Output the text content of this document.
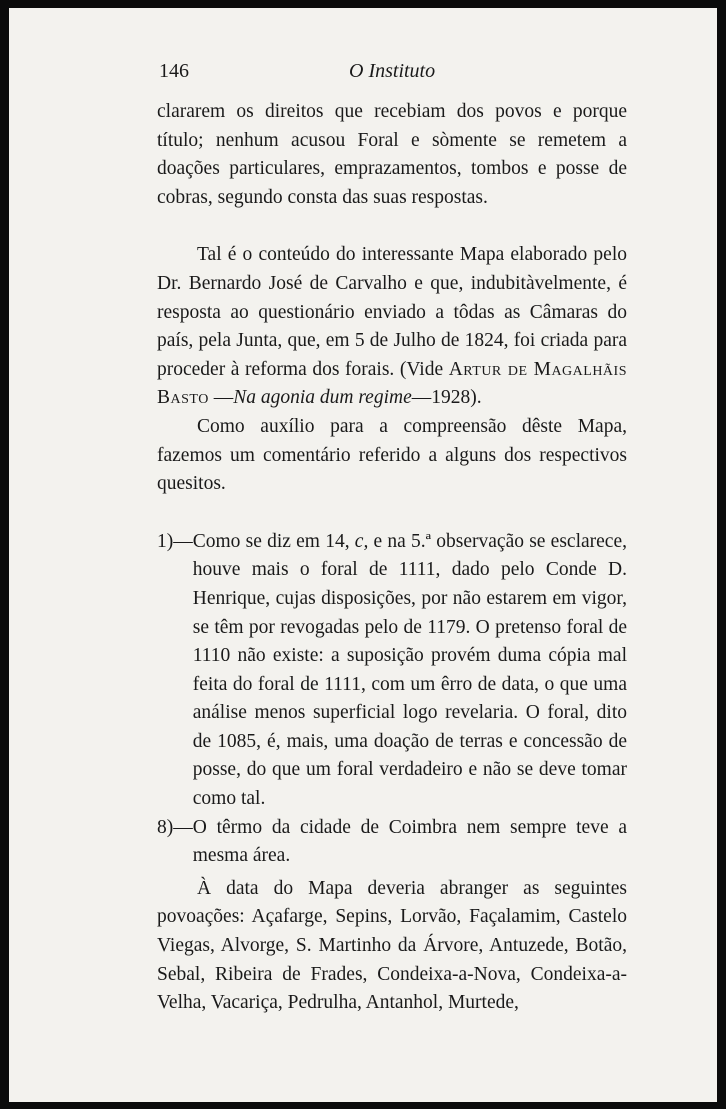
146	O Instituto

clararem os direitos que recebiam dos povos e porque título; nenhum acusou Foral e sòmente se remetem a doações particulares, emprazamentos, tombos e posse de cobras, segundo consta das suas respostas.

Tal é o conteúdo do interessante Mapa elaborado pelo Dr. Bernardo José de Carvalho e que, indubitàvelmente, é resposta ao questionário enviado a tôdas as Câmaras do país, pela Junta, que, em 5 de Julho de 1824, foi criada para proceder à reforma dos forais. (Vide Artur de Magalhãis Basto —Na agonia dum regime—1928).

Como auxílio para a compreensão dêste Mapa, fazemos um comentário referido a alguns dos respectivos quesitos.

1)— Como se diz em 14, c, e na 5.ª observação se esclarece, houve mais o foral de 1111, dado pelo Conde D. Henrique, cujas disposições, por não estarem em vigor, se têm por revogadas pelo de 1179. O pretenso foral de 1110 não existe: a suposição provém duma cópia mal feita do foral de 1111, com um êrro de data, o que uma análise menos superficial logo revelaria. O foral, dito de 1085, é, mais, uma doação de terras e concessão de posse, do que um foral verdadeiro e não se deve tomar como tal.
8)— O têrmo da cidade de Coimbra nem sempre teve a mesma área.

À data do Mapa deveria abranger as seguintes povoações: Açafarge, Sepins, Lorvão, Façalamim, Castelo Viegas, Alvorge, S. Martinho da Árvore, Antuzede, Botão, Sebal, Ribeira de Frades, Condeixa-a-Nova, Condeixa-a-Velha, Vacariça, Pedrulha, Antanhol, Murtede,
